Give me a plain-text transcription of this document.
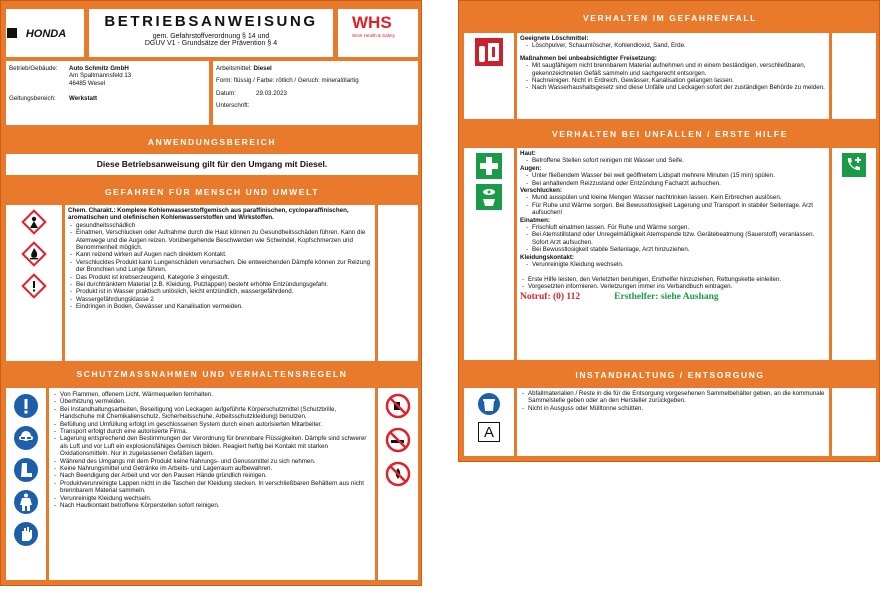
HONDA
BETRIEBSANWEISUNG
gem. Gefahrstoffverordnung § 14 und
DGUV V1 - Grundsätze der Prävention § 4
WHS
Work Health & Safety
Betrieb/Gebäude:	Auto Schmitz GmbH
Am Spaltmannsfeld 13
46485 Wesel
Geltungsbereich:	Werkstatt
Arbeitsmittel: Diesel
Form: flüssig / Farbe: rötlich / Geruch: mineralölartig
Datum:	29.03.2023
Unterschrift:
ANWENDUNGSBEREICH
Diese Betriebsanweisung gilt für den Umgang mit Diesel.
GEFAHREN FÜR MENSCH UND UMWELT
Chem. Charakt.: Komplexe Kohlenwasserstoffgemisch aus paraffinischen, cycloparaffinischen, aromatischen und olefinischen Kohlenwasserstoffen und Wirkstoffen.
- gesundheitsschädlich
- Einatmen, Verschlucken oder Aufnahme durch die Haut können zu Gesundheitsschäden führen. Kann die Atemwege und die Augen reizen. Vorübergehende Beschwerden wie Schwindel, Kopfschmerzen und Benommenheit möglich.
- Kann reizend wirken auf Augen nach direktem Kontakt.
- Verschlucktes Produkt kann Lungenschäden verursachen. Die entweichenden Dämpfe können zur Reizung der Bronchien und Lunge führen.
- Das Produkt ist krebserzeugend, Kategorie 3 eingestuft.
- Bei durchtränktem Material (z.B. Kleidung, Putzlappen) besteht erhöhte Entzündungsgefahr.
- Produkt ist in Wasser praktisch unlöslich, leicht entzündlich, wassergefährdend.
- Wassergefährdungsklasse 2
- Eindringen in Boden, Gewässer und Kanalisation vermeiden.
SCHUTZMASSNAHMEN UND VERHALTENSREGELN
- Von Flammen, offenem Licht, Wärmequellen fernhalten.
- Überhitzung vermeiden.
- Bei Instandhaltungsarbeiten, Beseitigung von Leckagen aufgeführte Körperschutzmittel (Schutzbrille, Handschuhe mit Chemikalienschutz, Sicherheitsschuhe, Arbeitsschutzkleidung) benutzen.
- Befüllung und Umfüllung erfolgt im geschlossenen System durch einen autorisierten Mitarbeiter.
- Transport erfolgt durch eine autorisierte Firma.
- Lagerung entsprechend den Bestimmungen der Verordnung für brennbare Flüssigkeiten. Dämpfe sind schwerer als Luft und vor Luft ein explosionsfähiges Gemisch bilden. Reagiert heftig bei Kontakt mit starken Oxidationsmitteln. Nur in zugelassenen Gefäßen lagern.
- Während des Umgangs mit dem Produkt keine Nahrungs- und Genussmittel zu sich nehmen.
- Keine Nahrungsmittel und Getränke im Arbeits- und Lagerraum aufbewahren.
- Nach Beendigung der Arbeit und vor den Pausen Hände gründlich reinigen.
- Produktverunreinigte Lappen nicht in die Taschen der Kleidung stecken. In verschließbaren Behältern aus nicht brennbarem Material sammeln.
- Verunreinigte Kleidung wechseln.
- Nach Hautkontakt betroffene Körperstellen sofort reinigen.
VERHALTEN IM GEFAHRENFALL
Geeignete Löschmittel:
- Löschpulver, Schaumlöscher, Kohlendioxid, Sand, Erde.
Maßnahmen bei unbeabsichtigter Freisetzung:
- Mit saugfähigem nicht brennbarem Material aufnehmen und in einem beständigen, verschließbaren, gekennzeichneten Gefäß sammeln und sachgerecht entsorgen.
- Nachreinigen. Nicht in Erdreich, Gewässer, Kanalisation gelangen lassen.
- Nach Wasserhaushaltsgesetz sind diese Unfälle und Leckagen sofort der zuständigen Behörde zu melden.
VERHALTEN BEI UNFÄLLEN / ERSTE HILFE
Haut:
- Betroffene Stellen sofort reinigen mit Wasser und Seife.
Augen:
- Unter fließendem Wasser bei weit geöffnetem Lidspalt mehrere Minuten (15 min) spülen.
- Bei anhaltendem Reizzustand oder Entzündung Facharzt aufsuchen.
Verschlucken:
- Mund ausspülen und kleine Mengen Wasser nachtrinken lassen. Kein Erbrechen auslösen.
- Für Ruhe und Wärme sorgen. Bei Bewusstlosigkeit Lagerung und Transport in stabiler Seitenlage. Arzt aufsuchen!
Einatmen:
- Frischluft einatmen lassen. Für Ruhe und Wärme sorgen.
- Bei Atemstillstand oder Unregelmäßigkeit Atemspende bzw. Gerätebeatmung (Sauerstoff) veranlassen. Sofort Arzt aufsuchen.
- Bei Bewusstlosigkeit stabile Seitenlage, Arzt hinzuziehen.
Kleidungskontakt:
- Verunreinigte Kleidung wechseln.
- Erste Hilfe leisten, den Verletzten beruhigen, Ersthelfer hinzuziehen, Rettungskette einleiten.
- Vorgesetzten informieren. Verletzungen immer ins Verbandbuch eintragen.
Notruf: (0) 112	Ersthelfer: siehe Aushang
INSTANDHALTUNG / ENTSORGUNG
A
- Abfallmaterialien / Reste in die für die Entsorgung vorgesehenen Sammelbehälter geben, an die kommunale Sammelstelle geben oder an den Hersteller zurückgeben.
- Nicht in Ausguss oder Mülltonne schütten.
